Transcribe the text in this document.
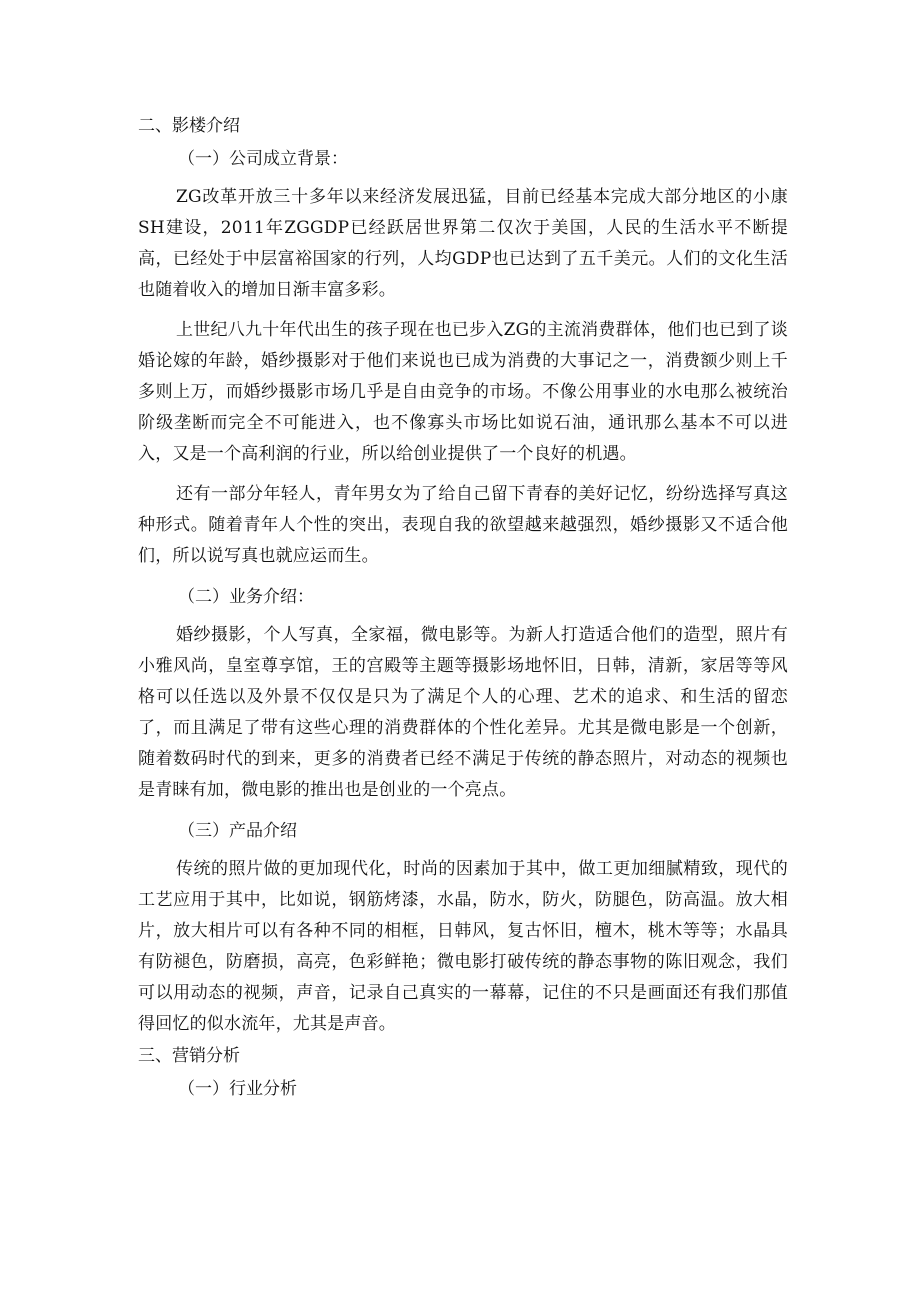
二、影楼介绍

（一）公司成立背景：

ZG改革开放三十多年以来经济发展迅猛，目前已经基本完成大部分地区的小康SH建设，2011年ZGGDP已经跃居世界第二仅次于美国，人民的生活水平不断提高，已经处于中层富裕国家的行列，人均GDP也已达到了五千美元。人们的文化生活也随着收入的增加日渐丰富多彩。

上世纪八九十年代出生的孩子现在也已步入ZG的主流消费群体，他们也已到了谈婚论嫁的年龄，婚纱摄影对于他们来说也已成为消费的大事记之一，消费额少则上千多则上万，而婚纱摄影市场几乎是自由竞争的市场。不像公用事业的水电那么被统治阶级垄断而完全不可能进入，也不像寡头市场比如说石油，通讯那么基本不可以进入，又是一个高利润的行业，所以给创业提供了一个良好的机遇。

还有一部分年轻人，青年男女为了给自己留下青春的美好记忆，纷纷选择写真这种形式。随着青年人个性的突出，表现自我的欲望越来越强烈，婚纱摄影又不适合他们，所以说写真也就应运而生。

（二）业务介绍：

婚纱摄影，个人写真，全家福，微电影等。为新人打造适合他们的造型，照片有小雅风尚，皇室尊享馆，王的宫殿等主题等摄影场地怀旧，日韩，清新，家居等等风格可以任选以及外景不仅仅是只为了满足个人的心理、艺术的追求、和生活的留恋了，而且满足了带有这些心理的消费群体的个性化差异。尤其是微电影是一个创新，随着数码时代的到来，更多的消费者已经不满足于传统的静态照片，对动态的视频也是青睐有加，微电影的推出也是创业的一个亮点。

（三）产品介绍

传统的照片做的更加现代化，时尚的因素加于其中，做工更加细腻精致，现代的工艺应用于其中，比如说，钢筋烤漆，水晶，防水，防火，防腿色，防高温。放大相片，放大相片可以有各种不同的相框，日韩风，复古怀旧，檀木，桃木等等；水晶具有防褪色，防磨损，高亮，色彩鲜艳；微电影打破传统的静态事物的陈旧观念，我们可以用动态的视频，声音，记录自己真实的一幕幕，记住的不只是画面还有我们那值得回忆的似水流年，尤其是声音。

三、营销分析

（一）行业分析
